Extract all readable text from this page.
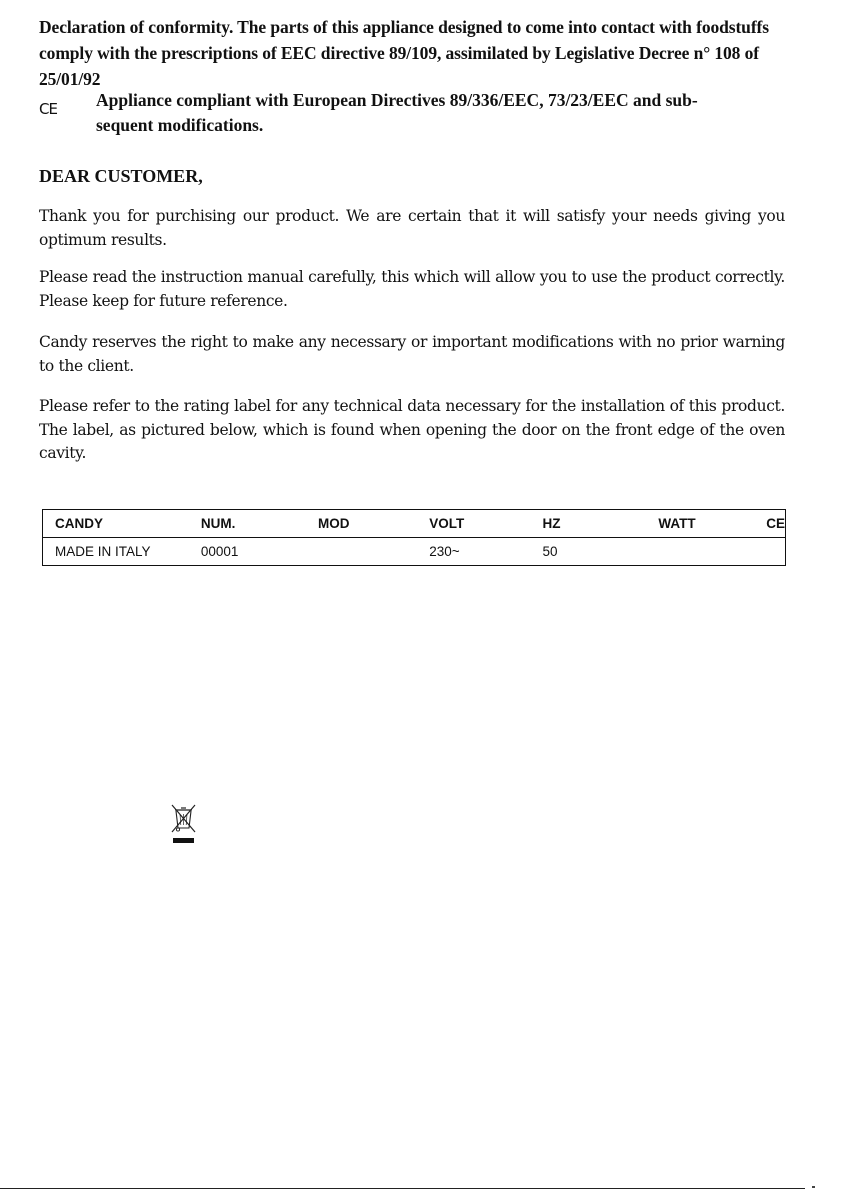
Declaration of conformity. The parts of this appliance designed to come into contact with foodstuffs comply with the prescriptions of EEC directive 89/109, assimilated by Legislative Decree n° 108 of 25/01/92
CE Appliance compliant with European Directives 89/336/EEC, 73/23/EEC and sub-
sequent modifications.
DEAR CUSTOMER,

Thank you for purchising our product. We are certain that it will satisfy your needs giving you optimum results.

Please read the instruction manual carefully, this which will allow you to use the product correctly. Please keep for future reference.

Candy reserves the right to make any necessary or important modifications with no prior warning to the client.

Please refer to the rating label for any technical data necessary for the installation of this product. The label, as pictured below, which is found when opening the door on the front edge of the oven cavity.

CANDY	NUM.	MOD	VOLT	HZ	WATT	CE
MADE IN ITALY	00001		230~	50		
